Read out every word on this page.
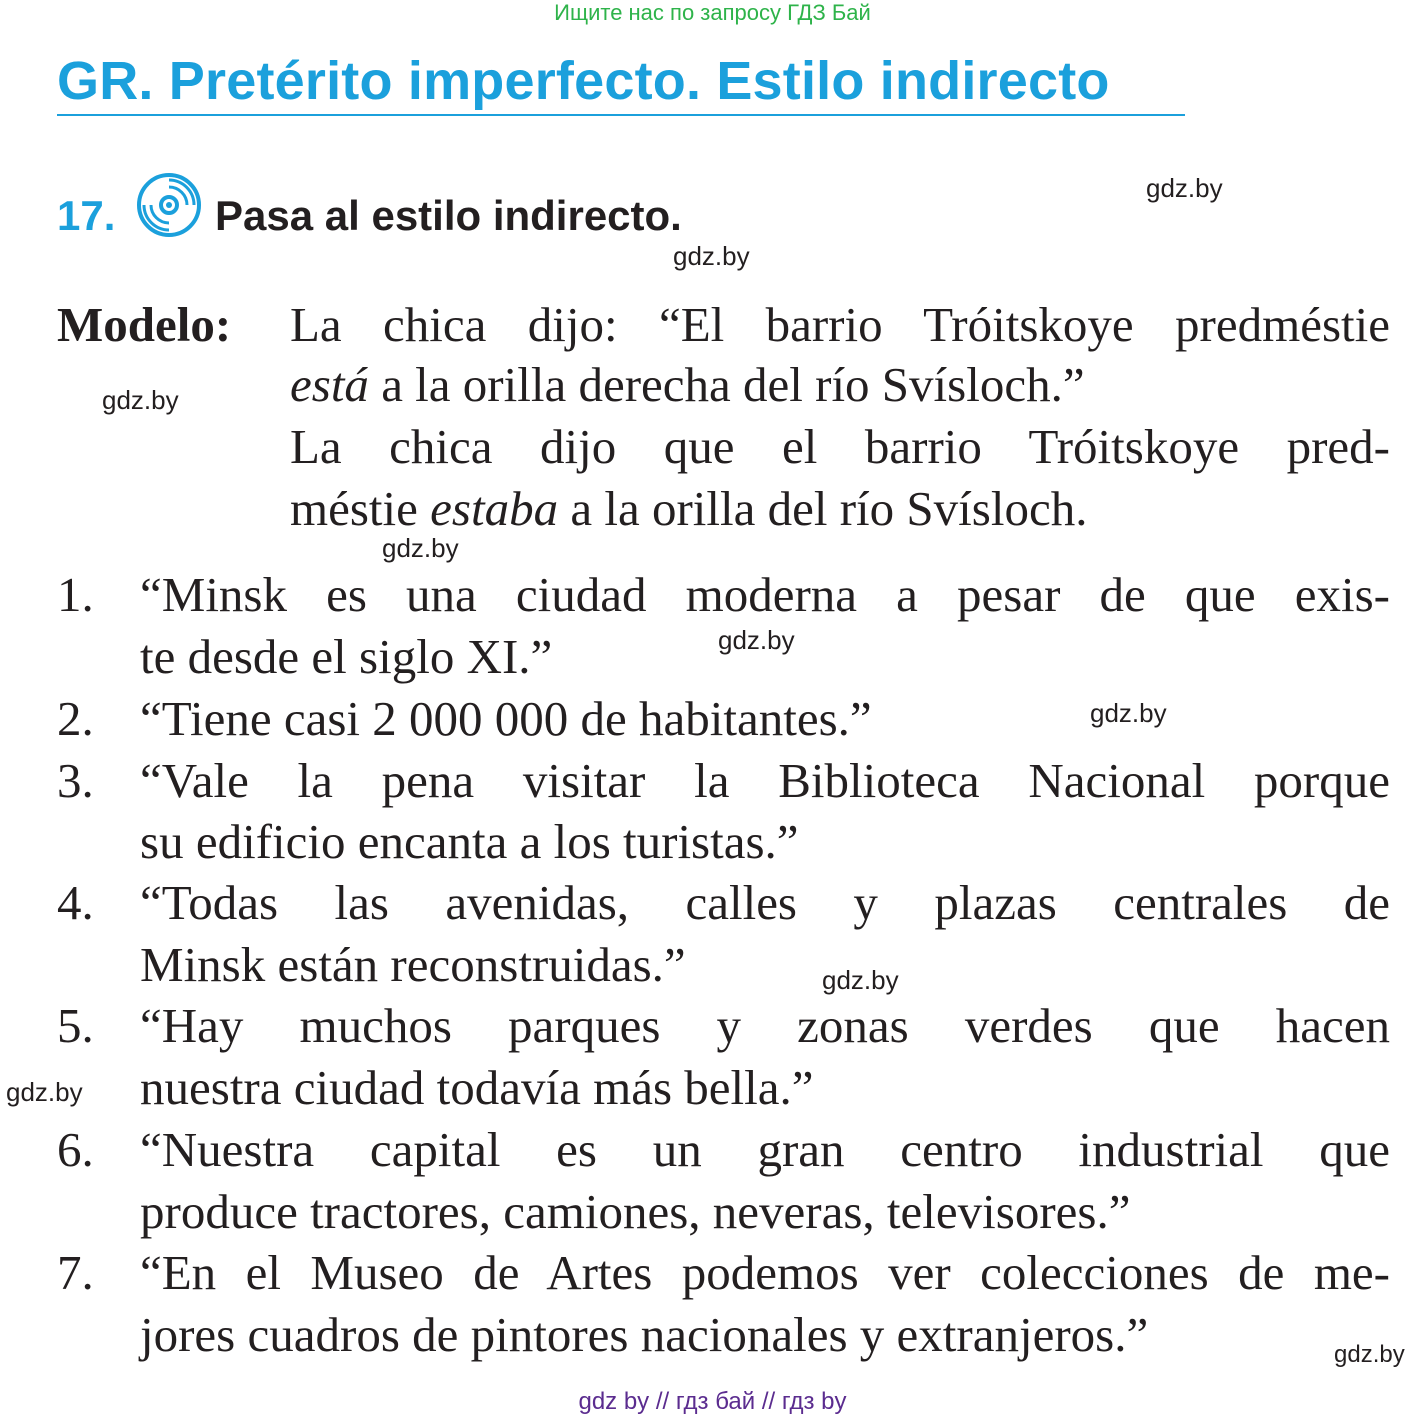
Ищите нас по запросу ГДЗ Бай
GR. Pretérito imperfecto. Estilo indirecto
17. Pasa al estilo indirecto.
Modelo: La chica dijo: “El barrio Tróitskoye predméstie
está a la orilla derecha del río Svísloch.”
La chica dijo que el barrio Tróitskoye pred-
méstie estaba a la orilla del río Svísloch.
1. “Minsk es una ciudad moderna a pesar de que exis-
te desde el siglo XI.”
2. “Tiene casi 2 000 000 de habitantes.”
3. “Vale la pena visitar la Biblioteca Nacional porque
su edificio encanta a los turistas.”
4. “Todas las avenidas, calles y plazas centrales de
Minsk están reconstruidas.”
5. “Hay muchos parques y zonas verdes que hacen
nuestra ciudad todavía más bella.”
6. “Nuestra capital es un gran centro industrial que
produce tractores, camiones, neveras, televisores.”
7. “En el Museo de Artes podemos ver colecciones de me-
jores cuadros de pintores nacionales y extranjeros.”
gdz.by
gdz.by
gdz.by
gdz.by
gdz.by
gdz.by
gdz.by
gdz.by
gdz.by
gdz by // гдз бай // гдз by
